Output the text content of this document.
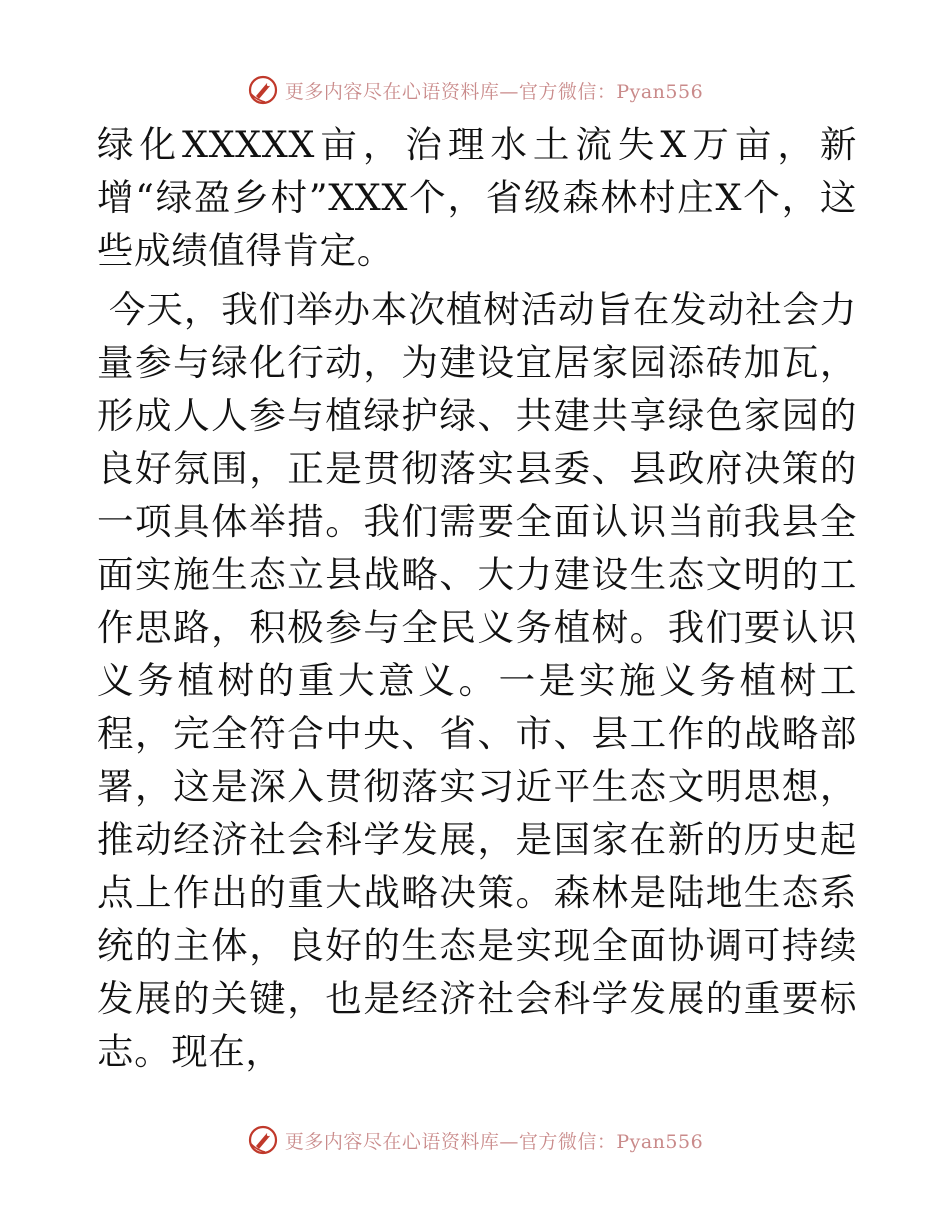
更多内容尽在心语资料库—官方微信：Pyan556

绿化XXXXX亩，治理水土流失X万亩，新增“绿盈乡村”XXX个，省级森林村庄X个，这些成绩值得肯定。

今天，我们举办本次植树活动旨在发动社会力量参与绿化行动，为建设宜居家园添砖加瓦，形成人人参与植绿护绿、共建共享绿色家园的良好氛围，正是贯彻落实县委、县政府决策的一项具体举措。我们需要全面认识当前我县全面实施生态立县战略、大力建设生态文明的工作思路，积极参与全民义务植树。我们要认识义务植树的重大意义。一是实施义务植树工程，完全符合中央、省、市、县工作的战略部署，这是深入贯彻落实习近平生态文明思想，推动经济社会科学发展，是国家在新的历史起点上作出的重大战略决策。森林是陆地生态系统的主体，良好的生态是实现全面协调可持续发展的关键，也是经济社会科学发展的重要标志。现在，

更多内容尽在心语资料库—官方微信：Pyan556
